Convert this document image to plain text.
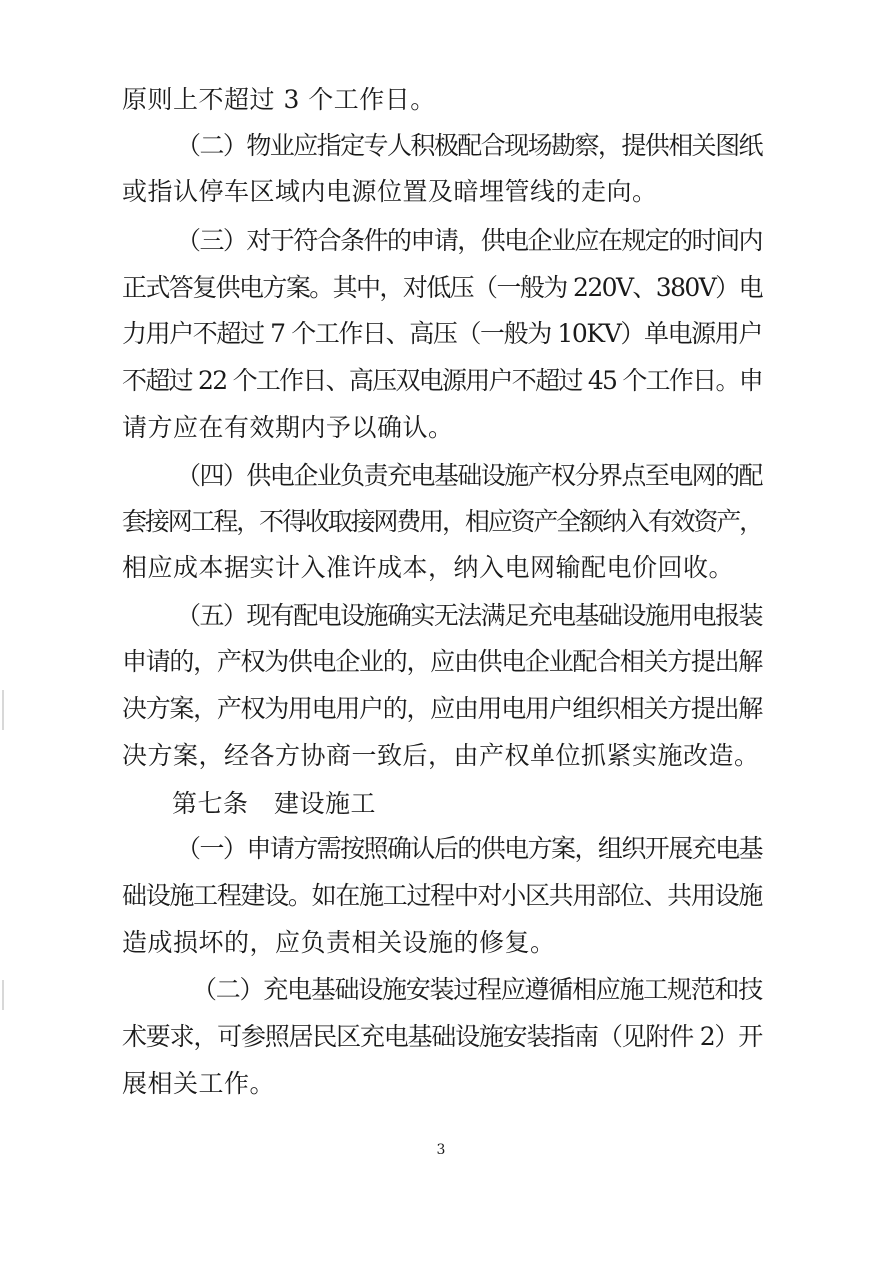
原则上不超过 3 个工作日。
（二）物业应指定专人积极配合现场勘察，提供相关图纸
或指认停车区域内电源位置及暗埋管线的走向。
（三）对于符合条件的申请，供电企业应在规定的时间内
正式答复供电方案。其中，对低压（一般为 220V、380V）电
力用户不超过 7 个工作日、高压（一般为 10KV）单电源用户
不超过 22 个工作日、高压双电源用户不超过 45 个工作日。申
请方应在有效期内予以确认。
（四）供电企业负责充电基础设施产权分界点至电网的配
套接网工程，不得收取接网费用，相应资产全额纳入有效资产，
相应成本据实计入准许成本，纳入电网输配电价回收。
（五）现有配电设施确实无法满足充电基础设施用电报装
申请的，产权为供电企业的，应由供电企业配合相关方提出解
决方案，产权为用电用户的，应由用电用户组织相关方提出解
决方案，经各方协商一致后，由产权单位抓紧实施改造。
第七条　建设施工
（一）申请方需按照确认后的供电方案，组织开展充电基
础设施工程建设。如在施工过程中对小区共用部位、共用设施
造成损坏的，应负责相关设施的修复。
（二）充电基础设施安装过程应遵循相应施工规范和技
术要求，可参照居民区充电基础设施安装指南（见附件 2）开
展相关工作。
3
